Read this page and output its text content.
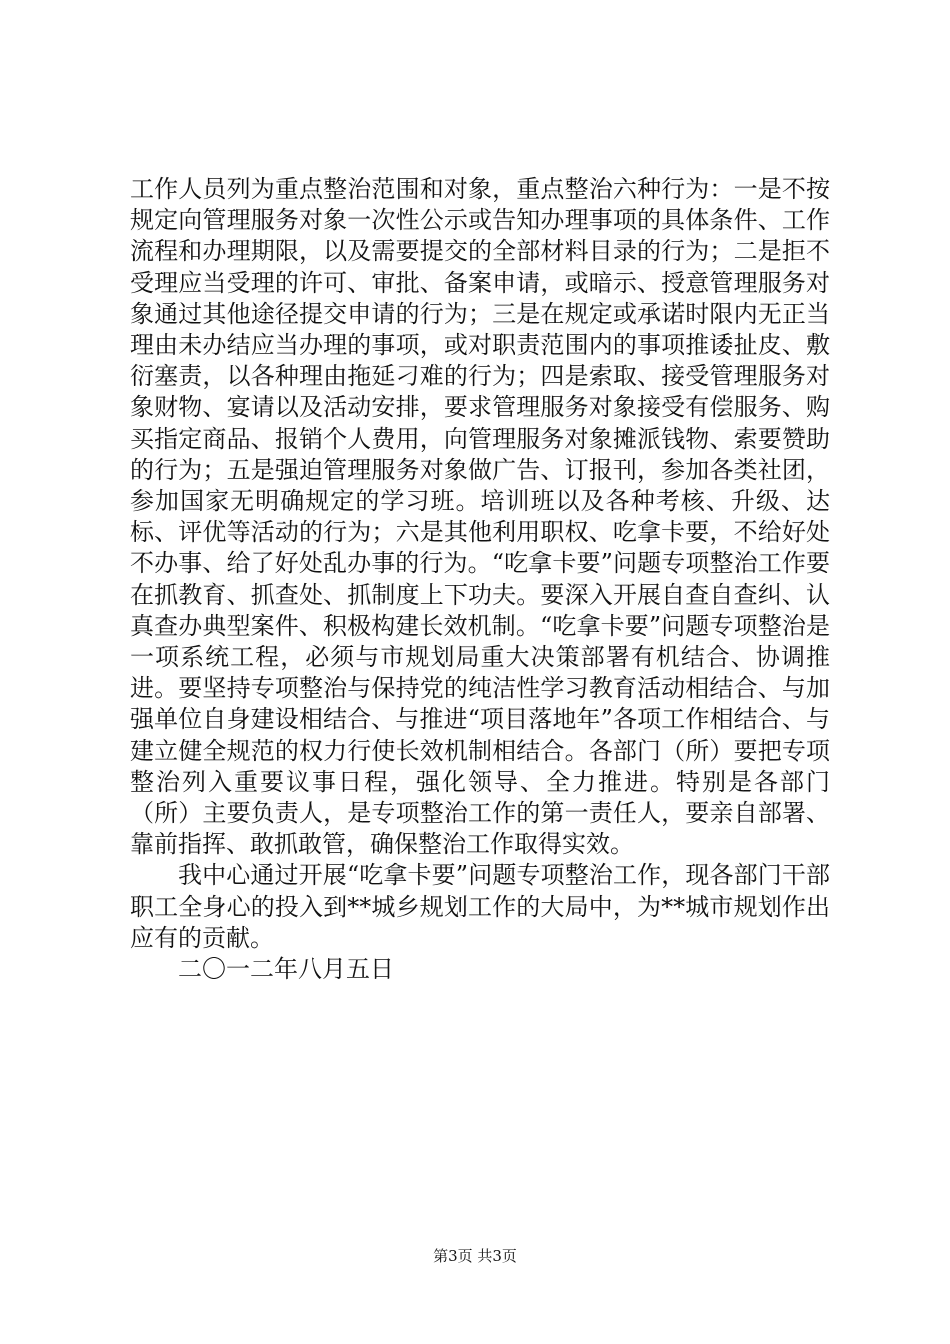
工作人员列为重点整治范围和对象，重点整治六种行为：一是不按规定向管理服务对象一次性公示或告知办理事项的具体条件、工作流程和办理期限，以及需要提交的全部材料目录的行为；二是拒不受理应当受理的许可、审批、备案申请，或暗示、授意管理服务对象通过其他途径提交申请的行为；三是在规定或承诺时限内无正当理由未办结应当办理的事项，或对职责范围内的事项推诿扯皮、敷衍塞责，以各种理由拖延刁难的行为；四是索取、接受管理服务对象财物、宴请以及活动安排，要求管理服务对象接受有偿服务、购买指定商品、报销个人费用，向管理服务对象摊派钱物、索要赞助的行为；五是强迫管理服务对象做广告、订报刊，参加各类社团，参加国家无明确规定的学习班。培训班以及各种考核、升级、达标、评优等活动的行为；六是其他利用职权、吃拿卡要，不给好处不办事、给了好处乱办事的行为。“吃拿卡要”问题专项整治工作要在抓教育、抓查处、抓制度上下功夫。要深入开展自查自查纠、认真查办典型案件、积极构建长效机制。“吃拿卡要”问题专项整治是一项系统工程，必须与市规划局重大决策部署有机结合、协调推进。要坚持专项整治与保持党的纯洁性学习教育活动相结合、与加强单位自身建设相结合、与推进“项目落地年”各项工作相结合、与建立健全规范的权力行使长效机制相结合。各部门（所）要把专项整治列入重要议事日程，强化领导、全力推进。特别是各部门（所）主要负责人，是专项整治工作的第一责任人，要亲自部署、靠前指挥、敢抓敢管，确保整治工作取得实效。

我中心通过开展“吃拿卡要”问题专项整治工作，现各部门干部职工全身心的投入到**城乡规划工作的大局中，为**城市规划作出应有的贡献。

二〇一二年八月五日

第3页 共3页
